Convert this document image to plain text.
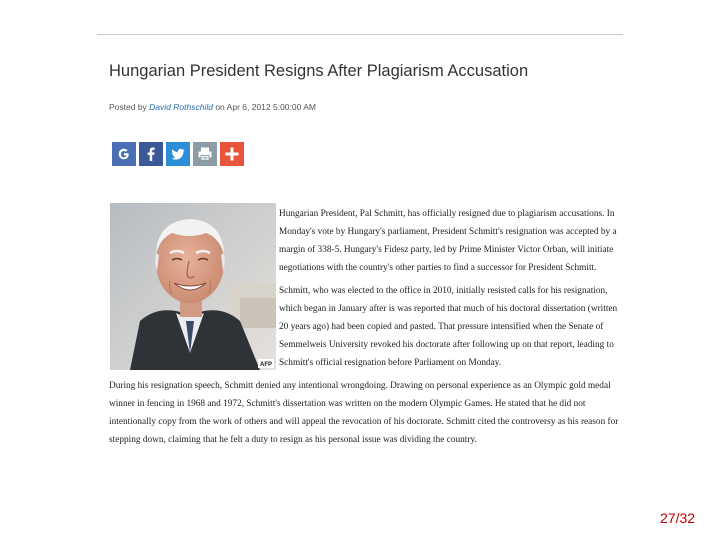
Hungarian President Resigns After Plagiarism Accusation
Posted by David Rothschild on Apr 6, 2012 5:00:00 AM
AFP

Hungarian President, Pal Schmitt, has officially resigned due to plagiarism accusations. In Monday's vote by Hungary's parliament, President Schmitt's resignation was accepted by a margin of 338-5. Hungary's Fidesz party, led by Prime Minister Victor Orban, will initiate negotiations with the country's other parties to find a successor for President Schmitt.

Schmitt, who was elected to the office in 2010, initially resisted calls for his resignation, which began in January after is was reported that much of his doctoral dissertation (written 20 years ago) had been copied and pasted. That pressure intensified when the Senate of Semmelweis University revoked his doctorate after following up on that report, leading to Schmitt's official resignation before Parliament on Monday.

During his resignation speech, Schmitt denied any intentional wrongdoing. Drawing on personal experience as an Olympic gold medal winner in fencing in 1968 and 1972, Schmitt's dissertation was written on the modern Olympic Games. He stated that he did not intentionally copy from the work of others and will appeal the revocation of his doctorate. Schmitt cited the controversy as his reason for stepping down, claiming that he felt a duty to resign as his personal issue was dividing the country.

27/32
